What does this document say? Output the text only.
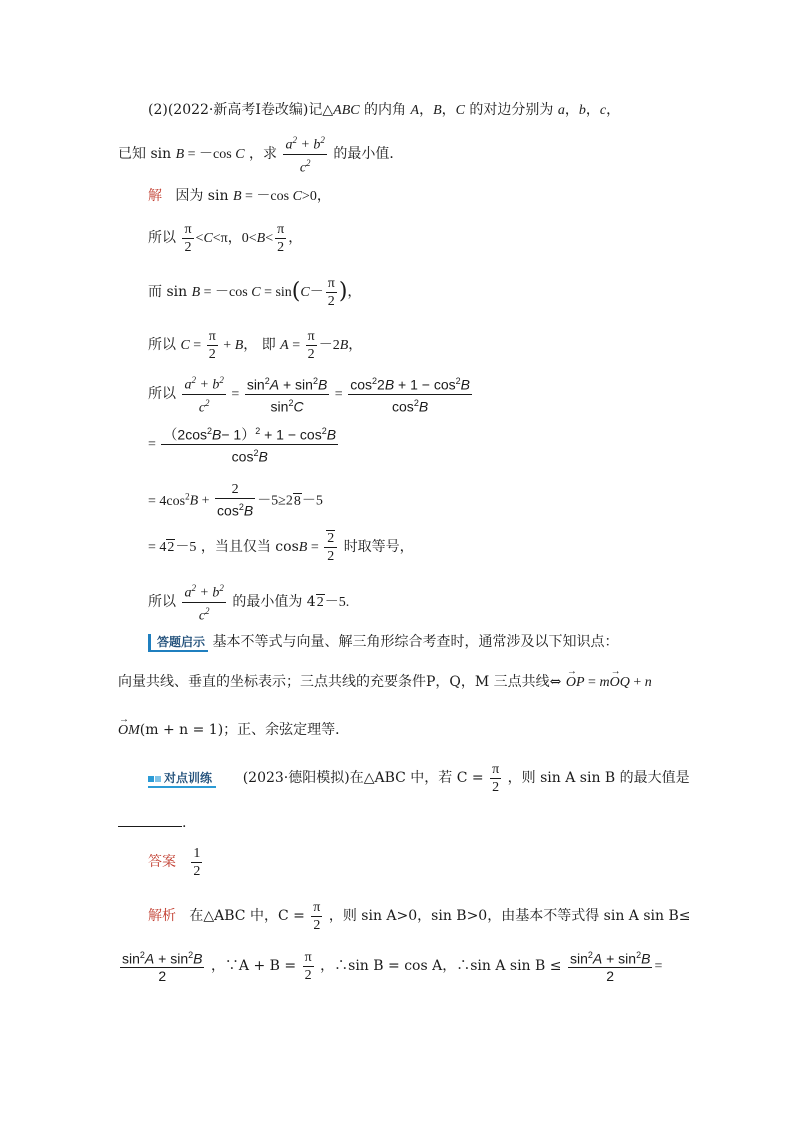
(2)(2022·新高考Ⅰ卷改编)记△ABC 的内角 A，B，C 的对边分别为 a，b，c，
已知 sin B = －cos C ，求 $\frac{a^2 + b^2}{c^2}$ 的最小值．
解 因为 sin B = －cos C>0，
所以 $\frac{\pi}{2} <C<\pi$，$0<B< \frac{\pi}{2}$ ，
而 sin B = －cos $C = \sin(C- \frac{\pi}{2}$ )，
所以 $C = \frac{\pi}{2} + B$， 即 $A = \frac{\pi}{2} -2B$，
所以 $\frac{a^2 + b^2}{c^2} = \frac{\sin^2A + \sin^2B}{\sin^2C} = \frac{\cos^22B + 1 - \cos^2B}{\cos^2B}$
= $\frac{(2\cos^2B- 1)^2 + 1 - \cos^2B}{\cos^2B}$
= $4\cos^2B + \frac{2}{\cos^2B} -5\ge 28-5$
= 42－5 ，当且仅当 $\cos B = \frac{2}{2}$ 时取等号，
所以 $\frac{a^2 + b^2}{c^2}$ 的最小值为 42－5.
答题启示 基本不等式与向量、解三角形综合考查时，通常涉及以下知识点：
向量共线、垂直的坐标表示；三点共线的充要条件P，Q，M 三点共线⇔ → OP = m→ OQ + n
→ OM(m + n = 1)；正、余弦定理等．
对点训练 (2023·德阳模拟)在△ABC 中，若 $C = \frac{\pi}{2}$ ，则 sin A sin B 的最大值是
.
答案 $\frac{1}{2}$
解析 在△ABC 中，$C = \frac{\pi}{2}$ ，则 sin A>0，sin B>0，由基本不等式得 sin A sin B≤
$\frac{\sin^2A + \sin^2B}{2}$ ，∵A + $B = \frac{\pi}{2}$ ，∴sin B = cos A，∴sin A $\sin B \le \frac{\sin^2A + \sin^2B}{2}$ =
